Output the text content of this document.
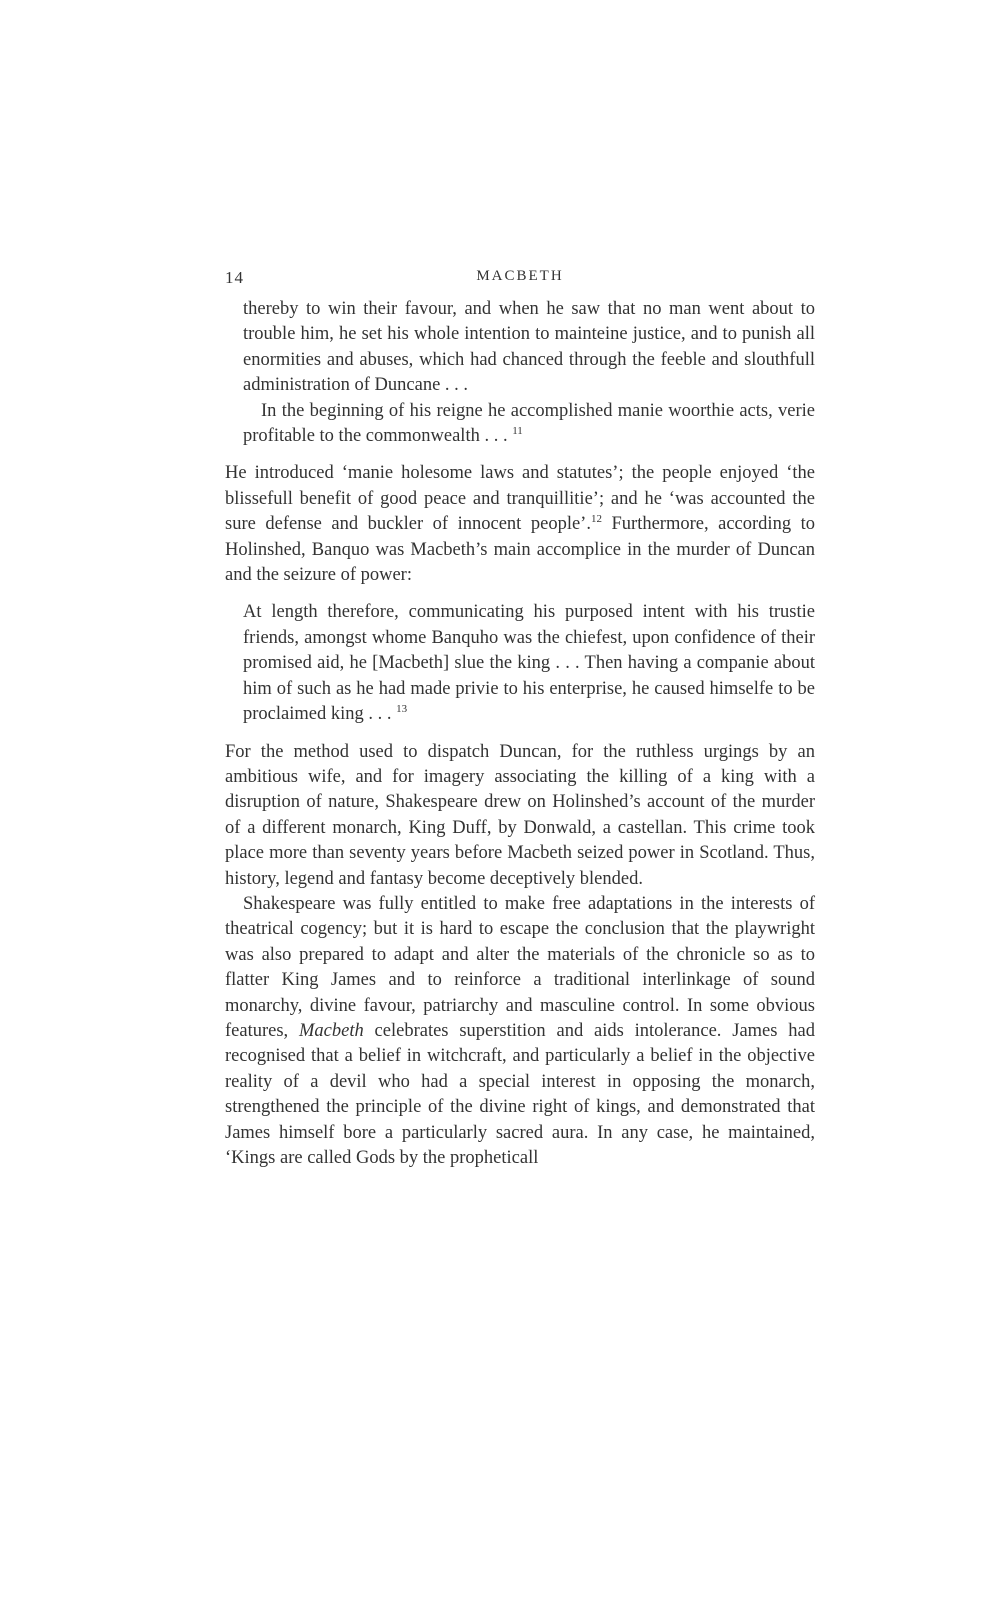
14	MACBETH

thereby to win their favour, and when he saw that no man went about to trouble him, he set his whole intention to mainteine justice, and to punish all enormities and abuses, which had chanced through the feeble and slouthfull administration of Duncane . . .

In the beginning of his reigne he accomplished manie woorthie acts, verie profitable to the commonwealth . . . $^{11}$

He introduced ‘manie holesome laws and statutes’; the people enjoyed ‘the blissefull benefit of good peace and tranquillitie’; and he ‘was accounted the sure defense and buckler of innocent people’.$^{12}$ Furthermore, according to Holinshed, Banquo was Macbeth’s main accomplice in the murder of Duncan and the seizure of power:

At length therefore, communicating his purposed intent with his trustie friends, amongst whome Banquho was the chiefest, upon confidence of their promised aid, he [Macbeth] slue the king . . . Then having a companie about him of such as he had made privie to his enterprise, he caused himselfe to be proclaimed king . . . $^{13}$

For the method used to dispatch Duncan, for the ruthless urgings by an ambitious wife, and for imagery associating the killing of a king with a disruption of nature, Shakespeare drew on Holinshed’s account of the murder of a different monarch, King Duff, by Donwald, a castellan. This crime took place more than seventy years before Macbeth seized power in Scotland. Thus, history, legend and fantasy become deceptively blended.

Shakespeare was fully entitled to make free adaptations in the interests of theatrical cogency; but it is hard to escape the conclusion that the playwright was also prepared to adapt and alter the materials of the chronicle so as to flatter King James and to reinforce a traditional interlinkage of sound monarchy, divine favour, patriarchy and masculine control. In some obvious features, Macbeth celebrates superstition and aids intolerance. James had recognised that a belief in witchcraft, and particularly a belief in the objective reality of a devil who had a special interest in opposing the monarch, strengthened the principle of the divine right of kings, and demonstrated that James himself bore a particularly sacred aura. In any case, he maintained, ‘Kings are called Gods by the propheticall
